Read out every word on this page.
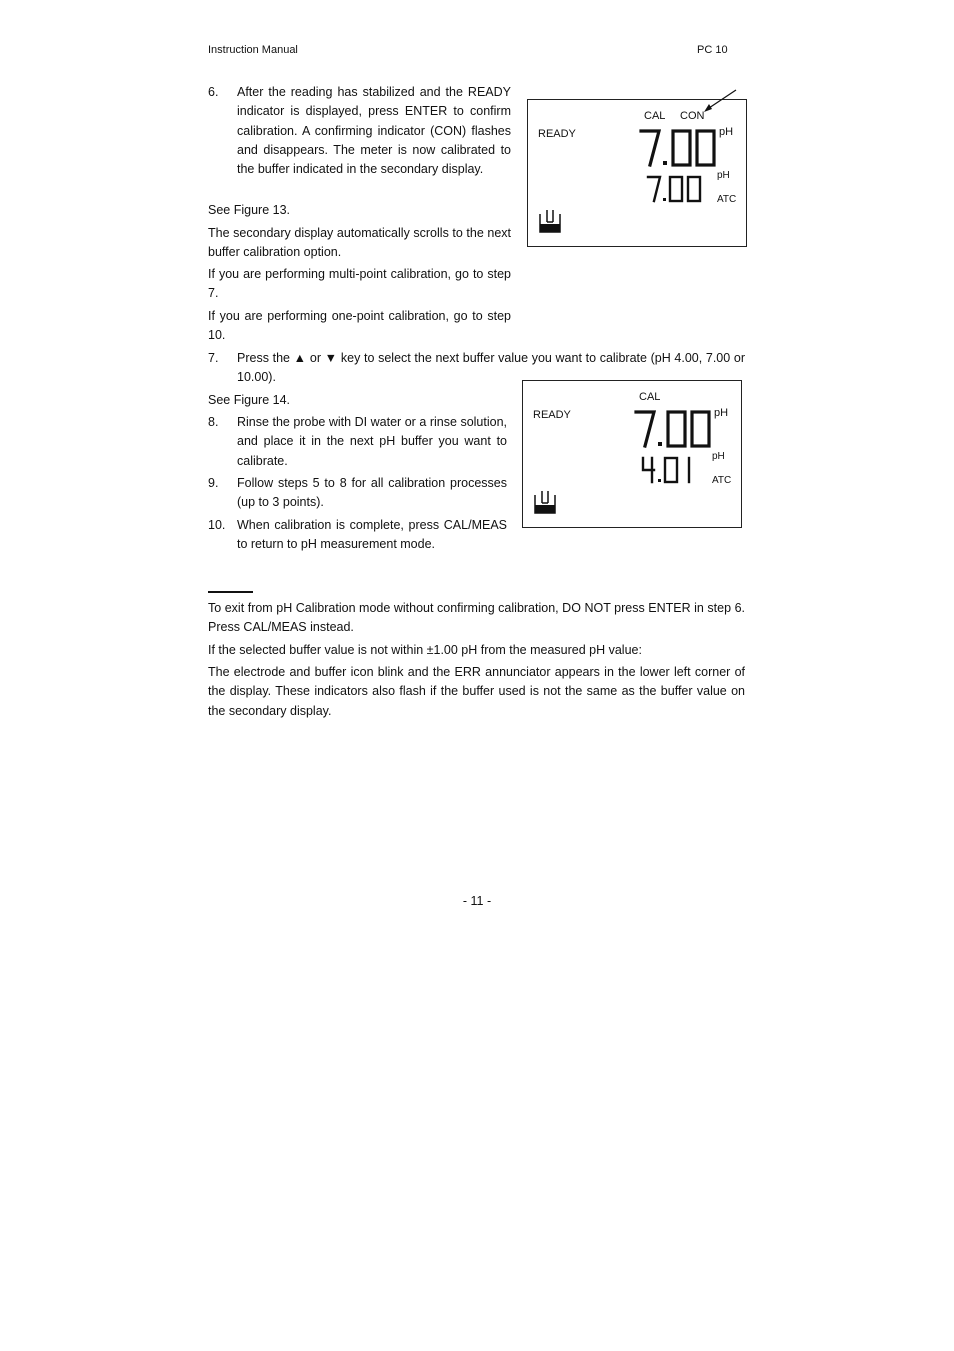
Instruction Manual	PC 10
6. After the reading has stabilized and the READY indicator is displayed, press ENTER to confirm calibration. A confirming indicator (CON) flashes and disappears. The meter is now calibrated to the buffer indicated in the secondary display.
See Figure 13.
The secondary display automatically scrolls to the next buffer calibration option.
If you are performing multi-point calibration, go to step 7.
If you are performing one-point calibration, go to step 10.
7. Press the ▲ or ▼ key to select the next buffer value you want to calibrate (pH 4.00, 7.00 or 10.00).
See Figure 14.
8. Rinse the probe with DI water or a rinse solution, and place it in the next pH buffer you want to calibrate.
9. Follow steps 5 to 8 for all calibration processes (up to 3 points).
10. When calibration is complete, press CAL/MEAS to return to pH measurement mode.
READY
CAL CON
7.00	pH
pH
ATC
READY
CAL
pH
pH
ATC
To exit from pH Calibration mode without confirming calibration, DO NOT press ENTER in step 6. Press CAL/MEAS instead.
If the selected buffer value is not within ±1.00 pH from the measured pH value:
The electrode and buffer icon blink and the ERR annunciator appears in the lower left corner of the display. These indicators also flash if the buffer used is not the same as the buffer value on the secondary display.
- 11 -
